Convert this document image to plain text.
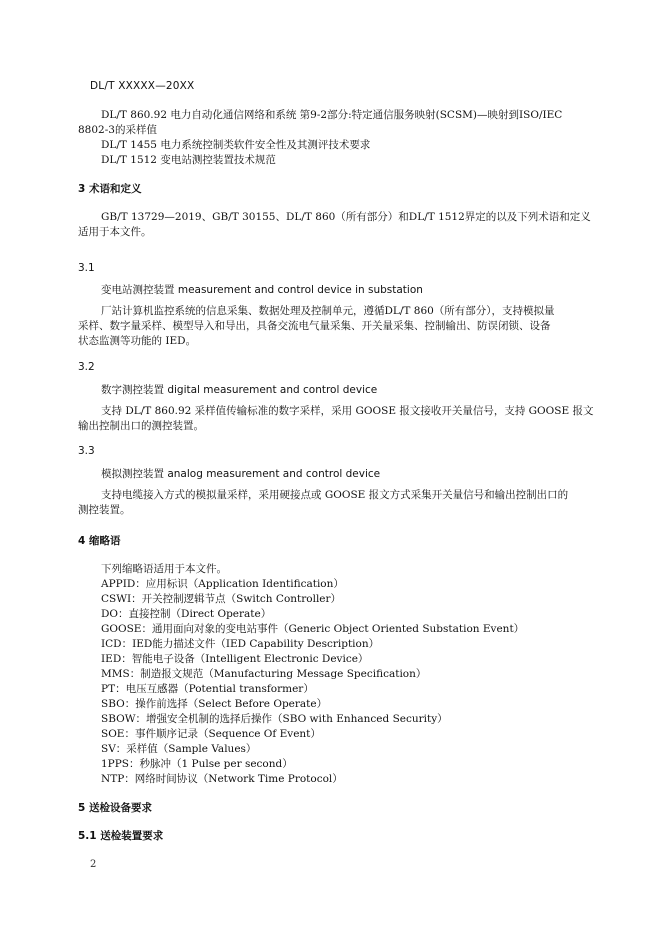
DL/T XXXXX—20XX
DL/T 860.92 电力自动化通信网络和系统 第9-2部分:特定通信服务映射(SCSM)—映射到ISO/IEC
8802-3的采样值
DL/T 1455 电力系统控制类软件安全性及其测评技术要求
DL/T 1512 变电站测控装置技术规范
3 术语和定义
GB/T 13729—2019、GB/T 30155、DL/T 860（所有部分）和DL/T 1512界定的以及下列术语和定义
适用于本文件。
3.1
变电站测控装置 measurement and control device in substation
厂站计算机监控系统的信息采集、数据处理及控制单元，遵循DL/T 860（所有部分），支持模拟量
采样、数字量采样、模型导入和导出，具备交流电气量采集、开关量采集、控制输出、防误闭锁、设备
状态监测等功能的 IED。
3.2
数字测控装置 digital measurement and control device
支持 DL/T 860.92 采样值传输标准的数字采样，采用 GOOSE 报文接收开关量信号，支持 GOOSE 报文
输出控制出口的测控装置。
3.3
模拟测控装置 analog measurement and control device
支持电缆接入方式的模拟量采样，采用硬接点或 GOOSE 报文方式采集开关量信号和输出控制出口的
测控装置。
4 缩略语
下列缩略语适用于本文件。
APPID：应用标识（Application Identification）
CSWI：开关控制逻辑节点（Switch Controller）
DO：直接控制（Direct Operate）
GOOSE：通用面向对象的变电站事件（Generic Object Oriented Substation Event）
ICD：IED能力描述文件（IED Capability Description）
IED：智能电子设备（Intelligent Electronic Device）
MMS：制造报文规范（Manufacturing Message Specification）
PT：电压互感器（Potential transformer）
SBO：操作前选择（Select Before Operate）
SBOW：增强安全机制的选择后操作（SBO with Enhanced Security）
SOE：事件顺序记录（Sequence Of Event）
SV：采样值（Sample Values）
1PPS：秒脉冲（1 Pulse per second）
NTP：网络时间协议（Network Time Protocol）
5 送检设备要求
5.1 送检装置要求
2
